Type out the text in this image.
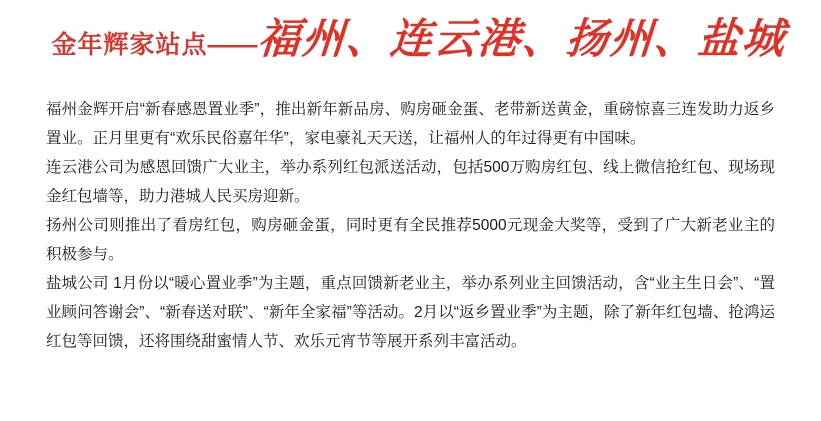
金年辉家站点 ——
福州、连云港、扬州、盐城

福州金辉开启“新春感恩置业季”，推出新年新品房、购房砸金蛋、老带新送黄金，重磅惊喜三连发助力返乡置业。正月里更有“欢乐民俗嘉年华”，家电豪礼天天送，让福州人的年过得更有中国味。

连云港公司为感恩回馈广大业主，举办系列红包派送活动，包括500万购房红包、线上微信抢红包、现场现金红包墙等，助力港城人民买房迎新。

扬州公司则推出了看房红包，购房砸金蛋，同时更有全民推荐5000元现金大奖等，受到了广大新老业主的积极参与。

盐城公司 1月份以“暖心置业季”为主题，重点回馈新老业主，举办系列业主回馈活动，含“业主生日会”、“置业顾问答谢会”、“新春送对联”、“新年全家福”等活动。2月以“返乡置业季”为主题，除了新年红包墙、抢鸿运红包等回馈，还将围绕甜蜜情人节、欢乐元宵节等展开系列丰富活动。
